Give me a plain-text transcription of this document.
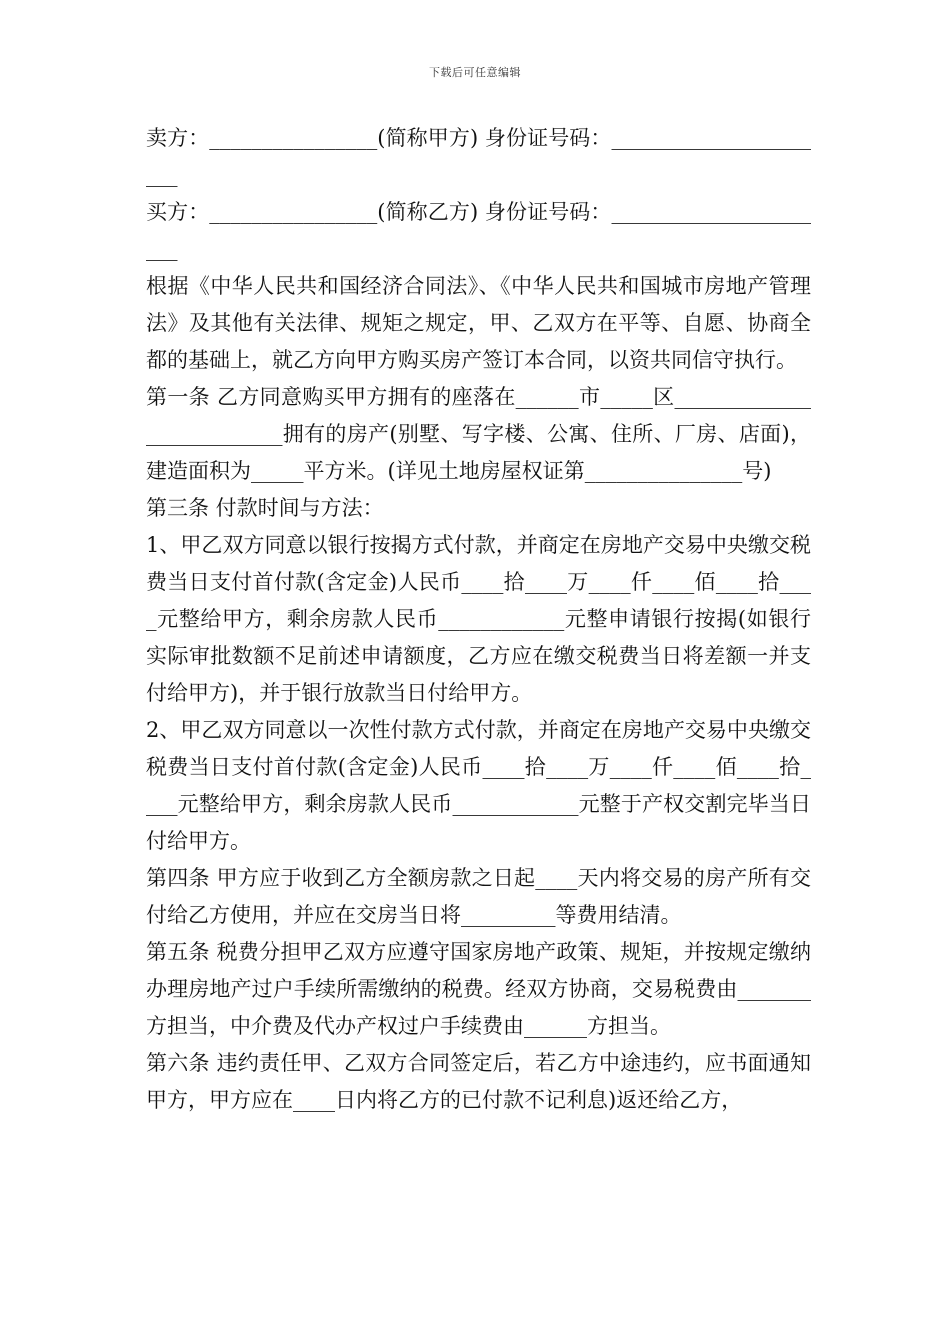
下载后可任意编辑

卖方：________________(简称甲方) 身份证号码：______________________

买方：________________(简称乙方) 身份证号码：______________________

根据《中华人民共和国经济合同法》、《中华人民共和国城市房地产管理法》及其他有关法律、规矩之规定，甲、乙双方在平等、自愿、协商全都的基础上，就乙方向甲方购买房产签订本合同，以资共同信守执行。

第一条 乙方同意购买甲方拥有的座落在______市_____区__________________________拥有的房产(别墅、写字楼、公寓、住所、厂房、店面)，建造面积为_____平方米。(详见土地房屋权证第_______________号)

第三条 付款时间与方法：

1、甲乙双方同意以银行按揭方式付款，并商定在房地产交易中央缴交税费当日支付首付款(含定金)人民币____拾____万____仟____佰____拾____元整给甲方，剩余房款人民币____________元整申请银行按揭(如银行实际审批数额不足前述申请额度，乙方应在缴交税费当日将差额一并支付给甲方)，并于银行放款当日付给甲方。

2、甲乙双方同意以一次性付款方式付款，并商定在房地产交易中央缴交税费当日支付首付款(含定金)人民币____拾____万____仟____佰____拾____元整给甲方，剩余房款人民币____________元整于产权交割完毕当日付给甲方。

第四条 甲方应于收到乙方全额房款之日起____天内将交易的房产所有交付给乙方使用，并应在交房当日将_________等费用结清。

第五条 税费分担甲乙双方应遵守国家房地产政策、规矩，并按规定缴纳办理房地产过户手续所需缴纳的税费。经双方协商，交易税费由_______方担当，中介费及代办产权过户手续费由______方担当。

第六条 违约责任甲、乙双方合同签定后，若乙方中途违约，应书面通知甲方，甲方应在____日内将乙方的已付款不记利息)返还给乙方，
